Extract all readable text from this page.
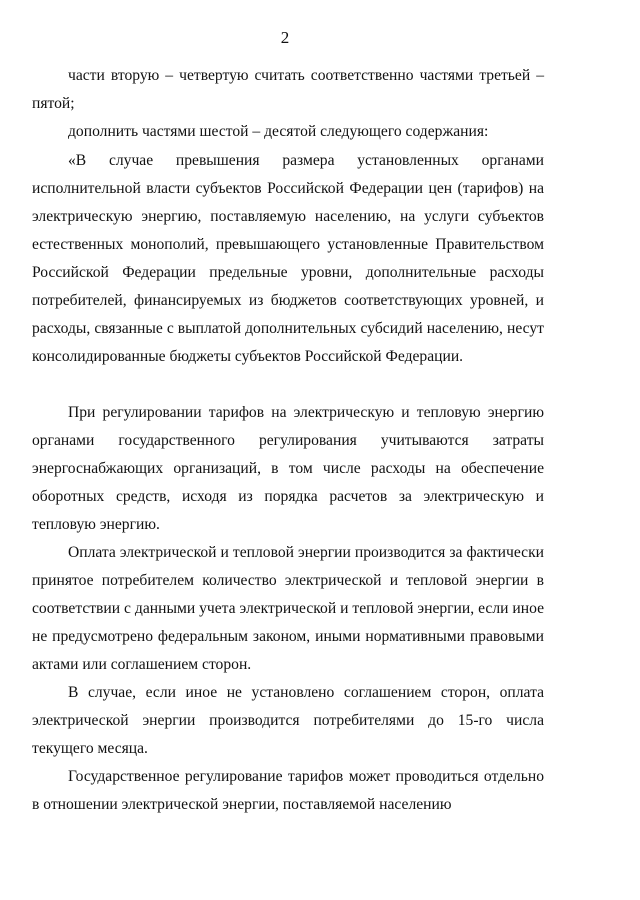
2

части вторую – четвертую считать соответственно частями третьей – пятой;

дополнить частями шестой – десятой следующего содержания:

«В случае превышения размера установленных органами исполнительной власти субъектов Российской Федерации цен (тарифов) на электрическую энергию, поставляемую населению, на услуги субъектов естественных монополий, превышающего установленные Правительством Российской Федерации предельные уровни, дополнительные расходы потребителей, финансируемых из бюджетов соответствующих уровней, и расходы, связанные с выплатой дополнительных субсидий населению, несут консолидированные бюджеты субъектов Российской Федерации.

При регулировании тарифов на электрическую и тепловую энергию органами государственного регулирования учитываются затраты энергоснабжающих организаций, в том числе расходы на обеспечение оборотных средств, исходя из порядка расчетов за электрическую и тепловую энергию.

Оплата электрической и тепловой энергии производится за фактически принятое потребителем количество электрической и тепловой энергии в соответствии с данными учета электрической и тепловой энергии, если иное не предусмотрено федеральным законом, иными нормативными правовыми актами или соглашением сторон.

В случае, если иное не установлено соглашением сторон, оплата электрической энергии производится потребителями до 15-го числа текущего месяца.

Государственное регулирование тарифов может проводиться отдельно в отношении электрической энергии, поставляемой населению
